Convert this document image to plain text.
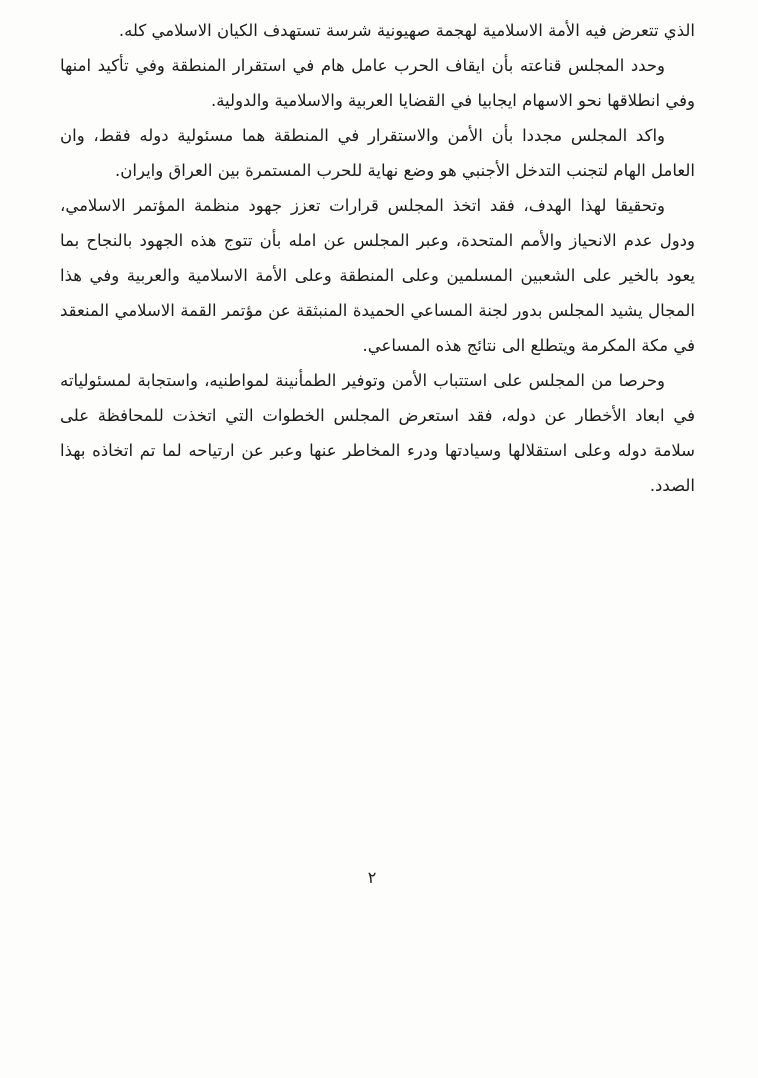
الذي تتعرض فيه الأمة الاسلامية لهجمة صهيونية شرسة تستهدف الكيان الاسلامي كله.

وحدد المجلس قناعته بأن ايقاف الحرب عامل هام في استقرار المنطقة وفي تأكيد امنها وفي انطلاقها نحو الاسهام ايجابيا في القضايا العربية والاسلامية والدولية.

واكد المجلس مجددا بأن الأمن والاستقرار في المنطقة هما مسئولية دوله فقط، وان العامل الهام لتجنب التدخل الأجنبي هو وضع نهاية للحرب المستمرة بين العراق وايران.

وتحقيقا لهذا الهدف، فقد اتخذ المجلس قرارات تعزز جهود منظمة المؤتمر الاسلامي، ودول عدم الانحياز والأمم المتحدة، وعبر المجلس عن امله بأن تتوج هذه الجهود بالنجاح بما يعود بالخير على الشعبين المسلمين وعلى المنطقة وعلى الأمة الاسلامية والعربية وفي هذا المجال يشيد المجلس بدور لجنة المساعي الحميدة المنبثقة عن مؤتمر القمة الاسلامي المنعقد في مكة المكرمة ويتطلع الى نتائج هذه المساعي.

وحرصا من المجلس على استتباب الأمن وتوفير الطمأنينة لمواطنيه، واستجابة لمسئولياته في ابعاد الأخطار عن دوله، فقد استعرض المجلس الخطوات التي اتخذت للمحافظة على سلامة دوله وعلى استقلالها وسيادتها ودرء المخاطر عنها وعبر عن ارتياحه لما تم اتخاذه بهذا الصدد.

٢
